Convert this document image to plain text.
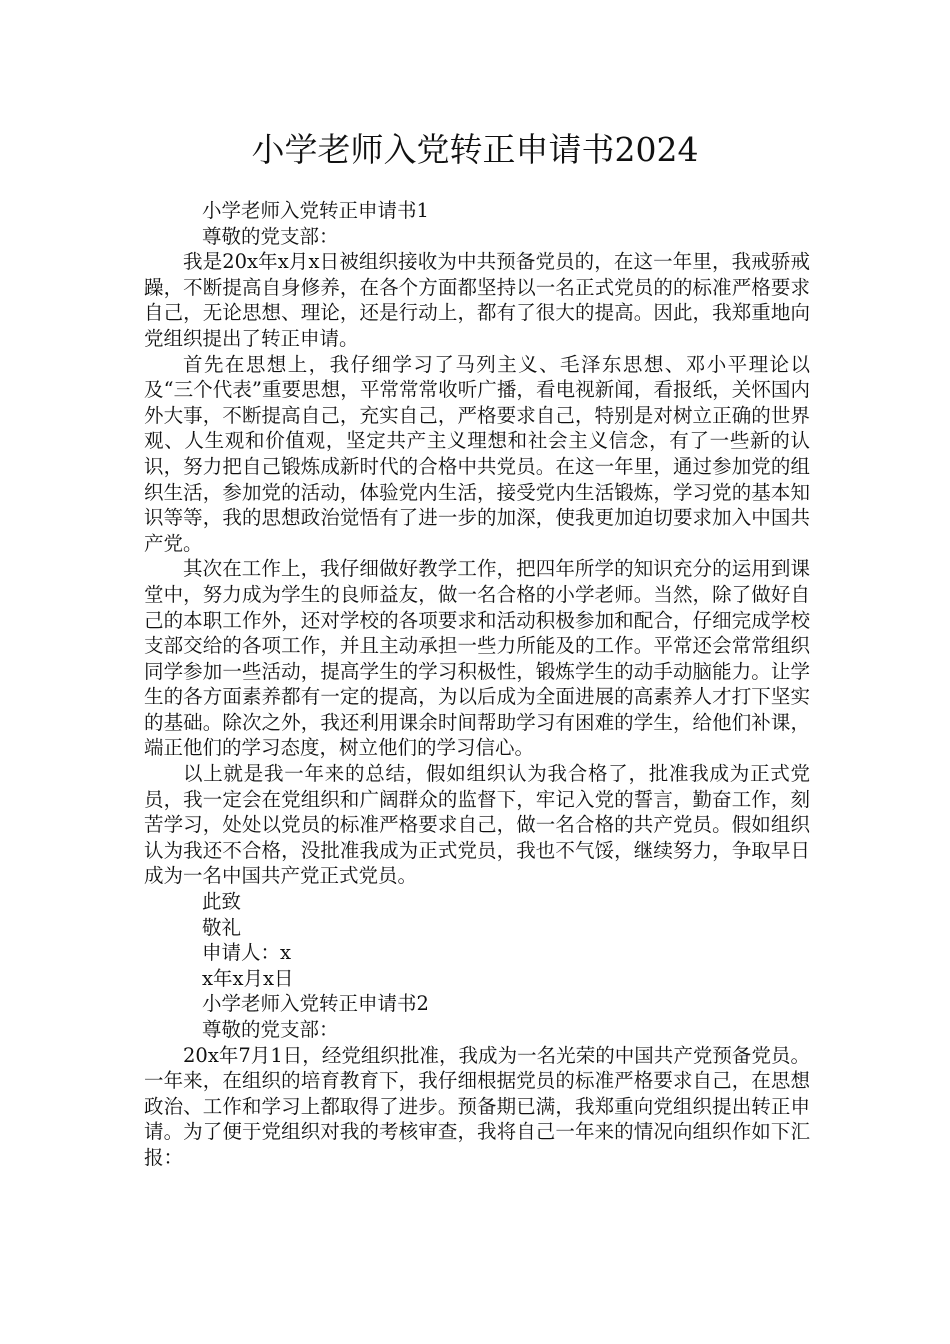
小学老师入党转正申请书2024

小学老师入党转正申请书1

尊敬的党支部：

我是20x年x月x日被组织接收为中共预备党员的，在这一年里，我戒骄戒躁，不断提高自身修养，在各个方面都坚持以一名正式党员的的标准严格要求自己，无论思想、理论，还是行动上，都有了很大的提高。因此，我郑重地向党组织提出了转正申请。

首先在思想上，我仔细学习了马列主义、毛泽东思想、邓小平理论以及“三个代表”重要思想，平常常常收听广播，看电视新闻，看报纸，关怀国内外大事，不断提高自己，充实自己，严格要求自己，特别是对树立正确的世界观、人生观和价值观，坚定共产主义理想和社会主义信念，有了一些新的认识，努力把自己锻炼成新时代的合格中共党员。在这一年里，通过参加党的组织生活，参加党的活动，体验党内生活，接受党内生活锻炼，学习党的基本知识等等，我的思想政治觉悟有了进一步的加深，使我更加迫切要求加入中国共产党。

其次在工作上，我仔细做好教学工作，把四年所学的知识充分的运用到课堂中，努力成为学生的良师益友，做一名合格的小学老师。当然，除了做好自己的本职工作外，还对学校的各项要求和活动积极参加和配合，仔细完成学校支部交给的各项工作，并且主动承担一些力所能及的工作。平常还会常常组织同学参加一些活动，提高学生的学习积极性，锻炼学生的动手动脑能力。让学生的各方面素养都有一定的提高，为以后成为全面进展的高素养人才打下坚实的基础。除次之外，我还利用课余时间帮助学习有困难的学生，给他们补课，端正他们的学习态度，树立他们的学习信心。

以上就是我一年来的总结，假如组织认为我合格了，批准我成为正式党员，我一定会在党组织和广阔群众的监督下，牢记入党的誓言，勤奋工作，刻苦学习，处处以党员的标准严格要求自己，做一名合格的共产党员。假如组织认为我还不合格，没批准我成为正式党员，我也不气馁，继续努力，争取早日成为一名中国共产党正式党员。

此致

敬礼

申请人：x

x年x月x日

小学老师入党转正申请书2

尊敬的党支部：

20x年7月1日，经党组织批准，我成为一名光荣的中国共产党预备党员。一年来，在组织的培育教育下，我仔细根据党员的标准严格要求自己，在思想政治、工作和学习上都取得了进步。预备期已满，我郑重向党组织提出转正申请。为了便于党组织对我的考核审查，我将自己一年来的情况向组织作如下汇报：
